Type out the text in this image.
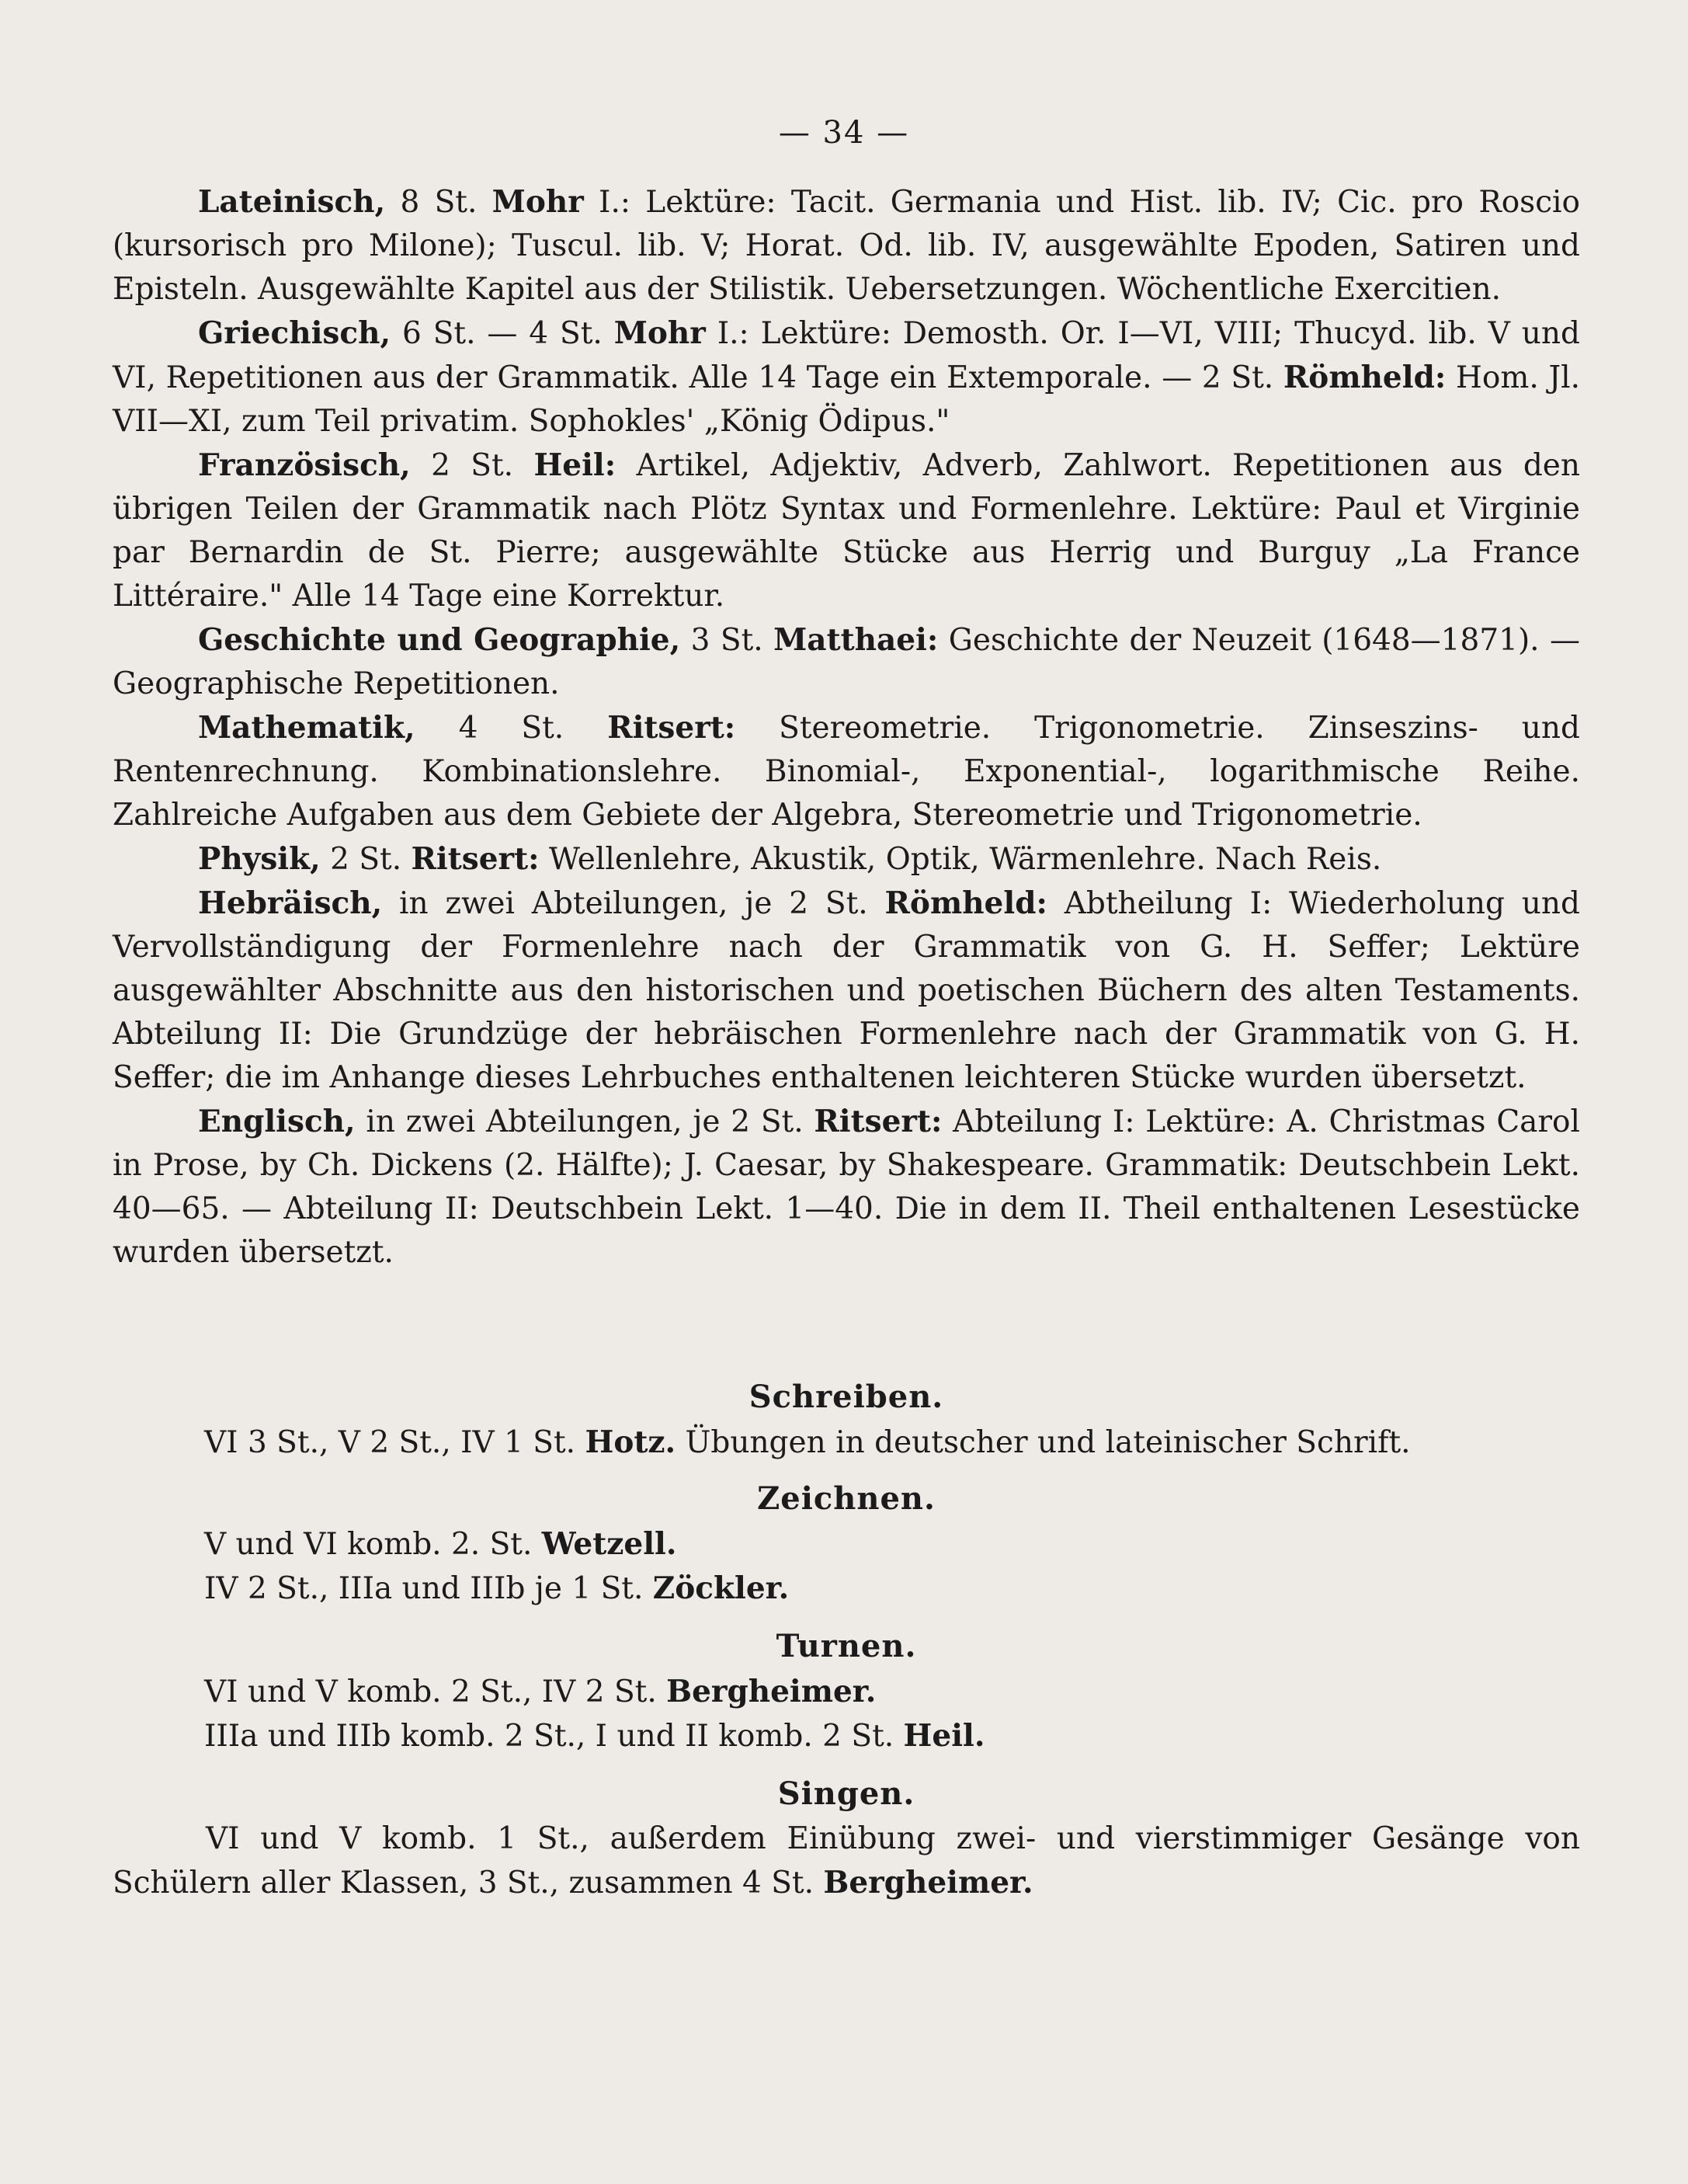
— 34 —

Lateinisch, 8 St. Mohr I.: Lektüre: Tacit. Germania und Hist. lib. IV; Cic. pro Roscio (kursorisch pro Milone); Tuscul. lib. V; Horat. Od. lib. IV, ausgewählte Epoden, Satiren und Episteln. Ausgewählte Kapitel aus der Stilistik. Uebersetzungen. Wöchentliche Exercitien.

Griechisch, 6 St. — 4 St. Mohr I.: Lektüre: Demosth. Or. I—VI, VIII; Thucyd. lib. V und VI, Repetitionen aus der Grammatik. Alle 14 Tage ein Extemporale. — 2 St. Römheld: Hom. Jl. VII—XI, zum Teil privatim. Sophokles' „König Ödipus."

Französisch, 2 St. Heil: Artikel, Adjektiv, Adverb, Zahlwort. Repetitionen aus den übrigen Teilen der Grammatik nach Plötz Syntax und Formenlehre. Lektüre: Paul et Virginie par Bernardin de St. Pierre; ausgewählte Stücke aus Herrig und Burguy „La France Littéraire." Alle 14 Tage eine Korrektur.

Geschichte und Geographie, 3 St. Matthaei: Geschichte der Neuzeit (1648—1871). — Geographische Repetitionen.

Mathematik, 4 St. Ritsert: Stereometrie. Trigonometrie. Zinseszins- und Rentenrechnung. Kombinationslehre. Binomial-, Exponential-, logarithmische Reihe. Zahlreiche Aufgaben aus dem Gebiete der Algebra, Stereometrie und Trigonometrie.

Physik, 2 St. Ritsert: Wellenlehre, Akustik, Optik, Wärmenlehre. Nach Reis.

Hebräisch, in zwei Abteilungen, je 2 St. Römheld: Abtheilung I: Wiederholung und Vervollständigung der Formenlehre nach der Grammatik von G. H. Seffer; Lektüre ausgewählter Abschnitte aus den historischen und poetischen Büchern des alten Testaments. Abteilung II: Die Grundzüge der hebräischen Formenlehre nach der Grammatik von G. H. Seffer; die im Anhange dieses Lehrbuches enthaltenen leichteren Stücke wurden übersetzt.

Englisch, in zwei Abteilungen, je 2 St. Ritsert: Abteilung I: Lektüre: A. Christmas Carol in Prose, by Ch. Dickens (2. Hälfte); J. Caesar, by Shakespeare. Grammatik: Deutschbein Lekt. 40—65. — Abteilung II: Deutschbein Lekt. 1—40. Die in dem II. Theil enthaltenen Lesestücke wurden übersetzt.

Schreiben.

VI 3 St., V 2 St., IV 1 St. Hotz. Übungen in deutscher und lateinischer Schrift.

Zeichnen.

V und VI komb. 2. St. Wetzell.

IV 2 St., IIIa und IIIb je 1 St. Zöckler.

Turnen.

VI und V komb. 2 St., IV 2 St. Bergheimer.

IIIa und IIIb komb. 2 St., I und II komb. 2 St. Heil.

Singen.

VI und V komb. 1 St., außerdem Einübung zwei- und vierstimmiger Gesänge von Schülern aller Klassen, 3 St., zusammen 4 St. Bergheimer.
